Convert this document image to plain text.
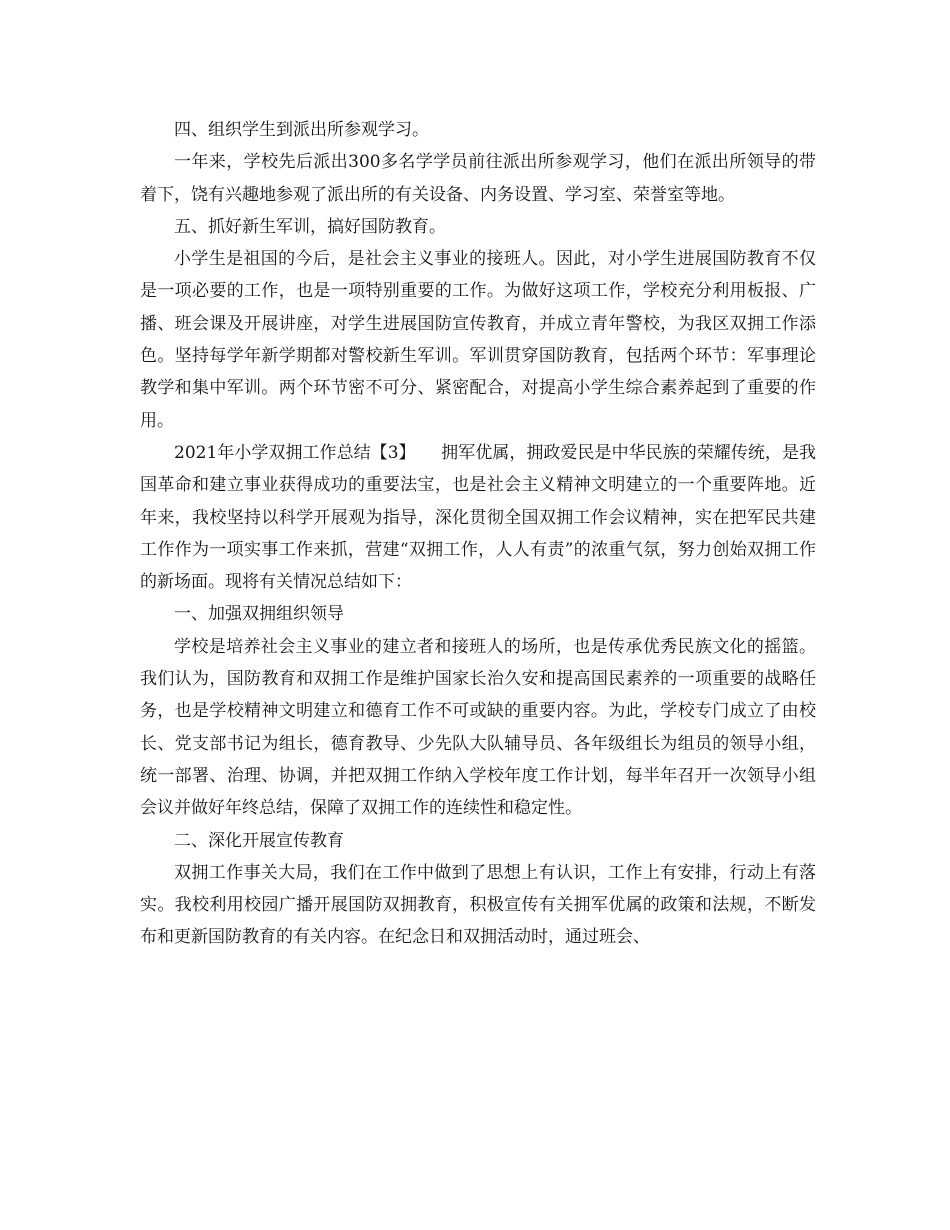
四、组织学生到派出所参观学习。

一年来，学校先后派出300多名学学员前往派出所参观学习，他们在派出所领导的带着下，饶有兴趣地参观了派出所的有关设备、内务设置、学习室、荣誉室等地。

五、抓好新生军训，搞好国防教育。

小学生是祖国的今后，是社会主义事业的接班人。因此，对小学生进展国防教育不仅是一项必要的工作，也是一项特别重要的工作。为做好这项工作，学校充分利用板报、广播、班会课及开展讲座，对学生进展国防宣传教育，并成立青年警校，为我区双拥工作添色。坚持每学年新学期都对警校新生军训。军训贯穿国防教育，包括两个环节：军事理论教学和集中军训。两个环节密不可分、紧密配合，对提高小学生综合素养起到了重要的作用。

2021年小学双拥工作总结【3】　　拥军优属，拥政爱民是中华民族的荣耀传统，是我国革命和建立事业获得成功的重要法宝，也是社会主义精神文明建立的一个重要阵地。近年来，我校坚持以科学开展观为指导，深化贯彻全国双拥工作会议精神，实在把军民共建工作作为一项实事工作来抓，营建“双拥工作，人人有责”的浓重气氛，努力创始双拥工作的新场面。现将有关情况总结如下：

一、加强双拥组织领导

学校是培养社会主义事业的建立者和接班人的场所，也是传承优秀民族文化的摇篮。我们认为，国防教育和双拥工作是维护国家长治久安和提高国民素养的一项重要的战略任务，也是学校精神文明建立和德育工作不可或缺的重要内容。为此，学校专门成立了由校长、党支部书记为组长，德育教导、少先队大队辅导员、各年级组长为组员的领导小组，统一部署、治理、协调，并把双拥工作纳入学校年度工作计划，每半年召开一次领导小组会议并做好年终总结，保障了双拥工作的连续性和稳定性。

二、深化开展宣传教育

双拥工作事关大局，我们在工作中做到了思想上有认识，工作上有安排，行动上有落实。我校利用校园广播开展国防双拥教育，积极宣传有关拥军优属的政策和法规，不断发布和更新国防教育的有关内容。在纪念日和双拥活动时，通过班会、
